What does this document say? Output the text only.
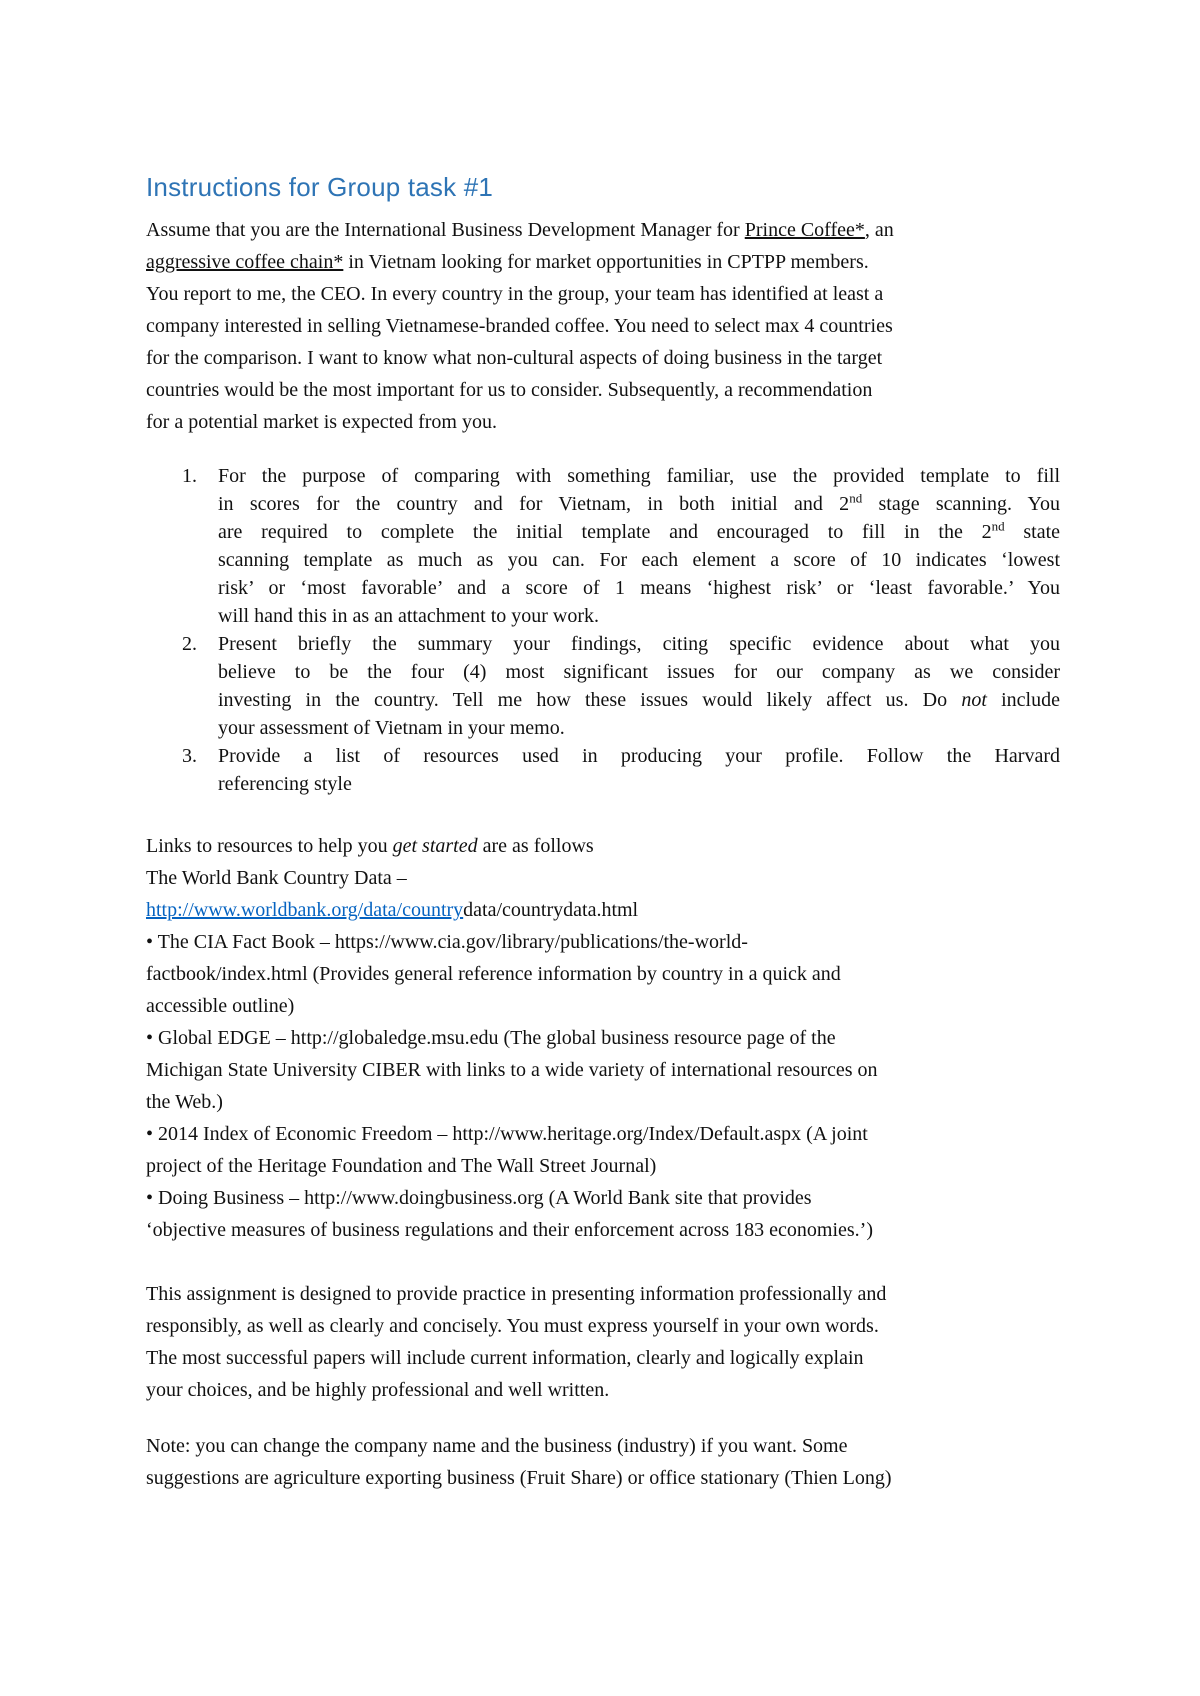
Instructions for Group task #1

Assume that you are the International Business Development Manager for Prince Coffee*, an

aggressive coffee chain* in Vietnam looking for market opportunities in CPTPP members.

You report to me, the CEO. In every country in the group, your team has identified at least a

company interested in selling Vietnamese-branded coffee. You need to select max 4 countries

for the comparison. I want to know what non-cultural aspects of doing business in the target

countries would be the most important for us to consider. Subsequently, a recommendation

for a potential market is expected from you.

1. For the purpose of comparing with something familiar, use the provided template to fill
in scores for the country and for Vietnam, in both initial and 2nd stage scanning. You
are required to complete the initial template and encouraged to fill in the 2nd state
scanning template as much as you can. For each element a score of 10 indicates ‘lowest
risk’ or ‘most favorable’ and a score of 1 means ‘highest risk’ or ‘least favorable.’ You
will hand this in as an attachment to your work.
2. Present briefly the summary your findings, citing specific evidence about what you
believe to be the four (4) most significant issues for our company as we consider
investing in the country. Tell me how these issues would likely affect us. Do not include
your assessment of Vietnam in your memo.
3. Provide a list of resources used in producing your profile. Follow the Harvard
referencing style

Links to resources to help you get started are as follows

The World Bank Country Data –

http://www.worldbank.org/data/countrydata/countrydata.html

• The CIA Fact Book – https://www.cia.gov/library/publications/the-world-

factbook/index.html (Provides general reference information by country in a quick and

accessible outline)

• Global EDGE – http://globaledge.msu.edu (The global business resource page of the

Michigan State University CIBER with links to a wide variety of international resources on

the Web.)

• 2014 Index of Economic Freedom – http://www.heritage.org/Index/Default.aspx (A joint

project of the Heritage Foundation and The Wall Street Journal)

• Doing Business – http://www.doingbusiness.org (A World Bank site that provides

‘objective measures of business regulations and their enforcement across 183 economies.’)

This assignment is designed to provide practice in presenting information professionally and

responsibly, as well as clearly and concisely. You must express yourself in your own words.

The most successful papers will include current information, clearly and logically explain

your choices, and be highly professional and well written.

Note: you can change the company name and the business (industry) if you want. Some

suggestions are agriculture exporting business (Fruit Share) or office stationary (Thien Long)
